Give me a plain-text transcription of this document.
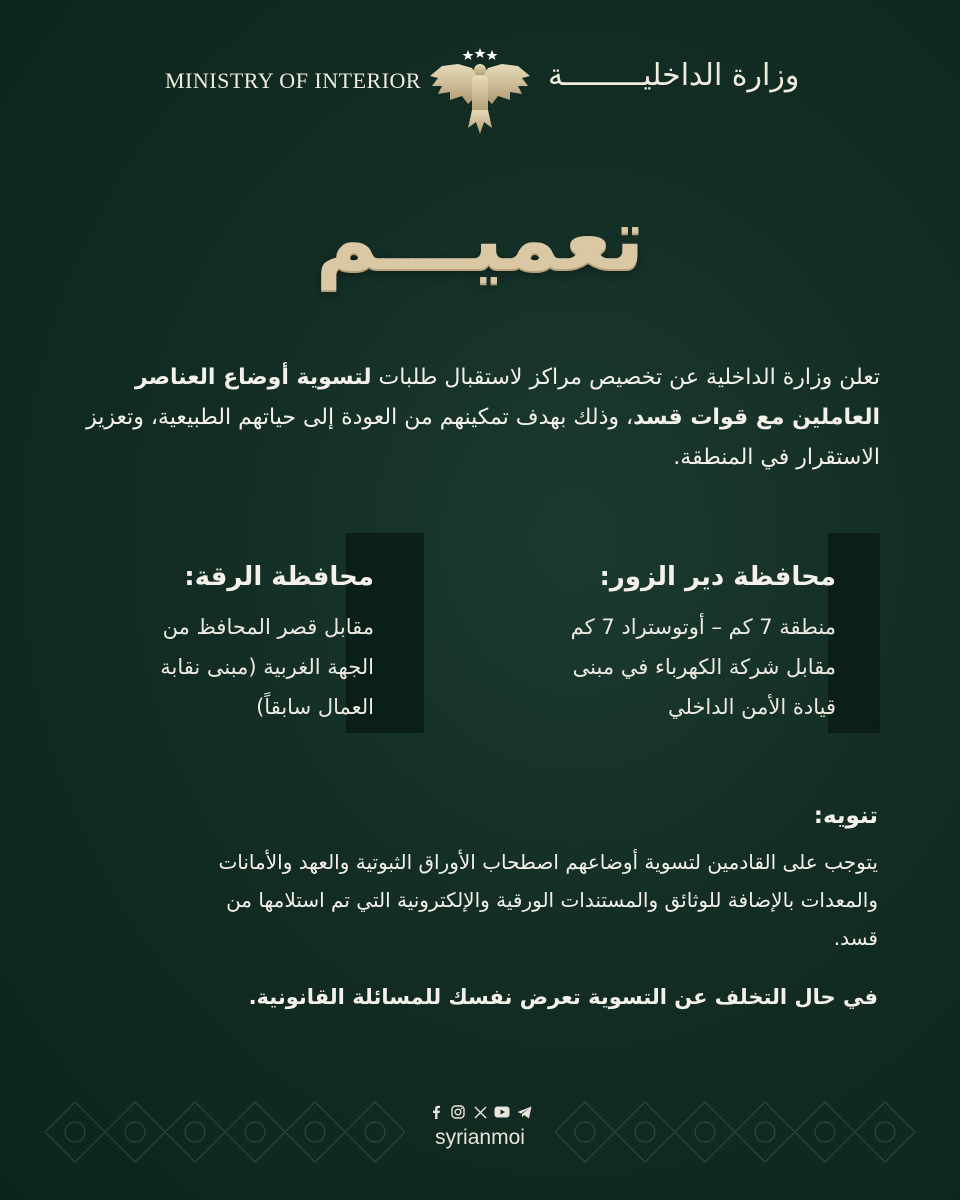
MINISTRY OF INTERIOR	وزارة الداخليـــــــــة
تعميـــم
تعلن وزارة الداخلية عن تخصيص مراكز لاستقبال طلبات لتسوية أوضاع العناصر العاملين مع قوات قسد، وذلك بهدف تمكينهم من العودة إلى حياتهم الطبيعية، وتعزيز الاستقرار في المنطقة.
محافظة دير الزور:
منطقة 7 كم – أوتوستراد 7 كم
مقابل شركة الكهرباء في مبنى
قيادة الأمن الداخلي
محافظة الرقة:
مقابل قصر المحافظ من
الجهة الغربية (مبنى نقابة
العمال سابقاً)
تنويه:
يتوجب على القادمين لتسوية أوضاعهم اصطحاب الأوراق الثبوتية والعهد والأمانات
والمعدات بالإضافة للوثائق والمستندات الورقية والإلكترونية التي تم استلامها من
قسد.
في حال التخلف عن التسوية تعرض نفسك للمسائلة القانونية.
syrianmoi
